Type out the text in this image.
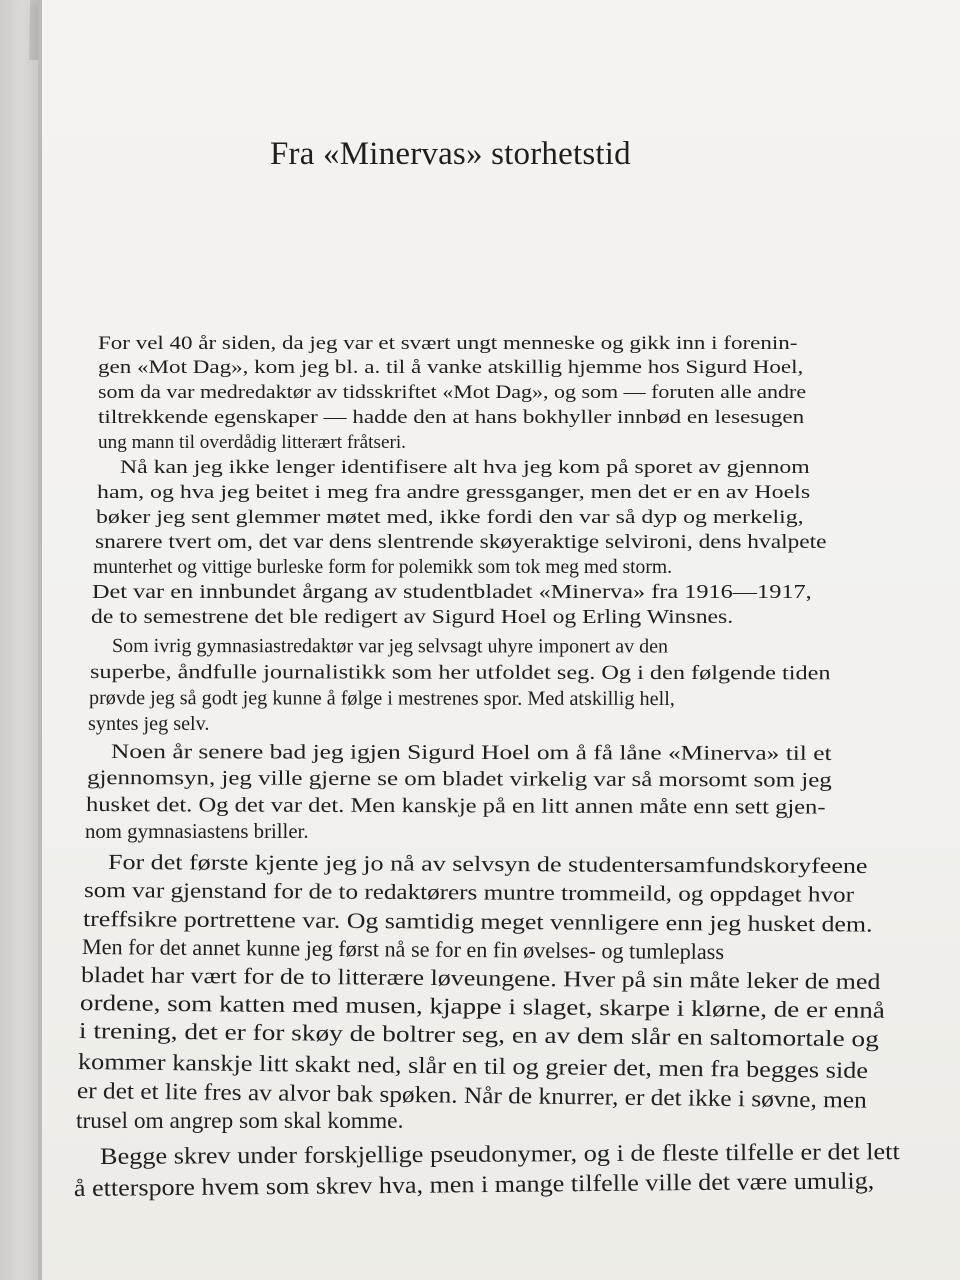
Fra «Minervas» storhetstid

For vel 40 år siden, da jeg var et svært ungt menneske og gikk inn i forenin-

gen «Mot Dag», kom jeg bl. a. til å vanke atskillig hjemme hos Sigurd Hoel,

som da var medredaktør av tidsskriftet «Mot Dag», og som — foruten alle andre

tiltrekkende egenskaper — hadde den at hans bokhyller innbød en lesesugen

ung mann til overdådig litterært fråtseri.

Nå kan jeg ikke lenger identifisere alt hva jeg kom på sporet av gjennom

ham, og hva jeg beitet i meg fra andre gressganger, men det er en av Hoels

bøker jeg sent glemmer møtet med, ikke fordi den var så dyp og merkelig,

snarere tvert om, det var dens slentrende skøyeraktige selvironi, dens hvalpete

munterhet og vittige burleske form for polemikk som tok meg med storm.

Det var en innbundet årgang av studentbladet «Minerva» fra 1916—1917,

de to semestrene det ble redigert av Sigurd Hoel og Erling Winsnes.

Som ivrig gymnasiastredaktør var jeg selvsagt uhyre imponert av den

superbe, åndfulle journalistikk som her utfoldet seg. Og i den følgende tiden

prøvde jeg så godt jeg kunne å følge i mestrenes spor. Med atskillig hell,

syntes jeg selv.

Noen år senere bad jeg igjen Sigurd Hoel om å få låne «Minerva» til et

gjennomsyn, jeg ville gjerne se om bladet virkelig var så morsomt som jeg

husket det. Og det var det. Men kanskje på en litt annen måte enn sett gjen-

nom gymnasiastens briller.

For det første kjente jeg jo nå av selvsyn de studentersamfundskoryfeene

som var gjenstand for de to redaktørers muntre trommeild, og oppdaget hvor

treffsikre portrettene var. Og samtidig meget vennligere enn jeg husket dem.

Men for det annet kunne jeg først nå se for en fin øvelses- og tumleplass

bladet har vært for de to litterære løveungene. Hver på sin måte leker de med

ordene, som katten med musen, kjappe i slaget, skarpe i klørne, de er ennå

i trening, det er for skøy de boltrer seg, en av dem slår en saltomortale og

kommer kanskje litt skakt ned, slår en til og greier det, men fra begges side

er det et lite fres av alvor bak spøken. Når de knurrer, er det ikke i søvne, men

trusel om angrep som skal komme.

Begge skrev under forskjellige pseudonymer, og i de fleste tilfelle er det lett

å etterspore hvem som skrev hva, men i mange tilfelle ville det være umulig,
